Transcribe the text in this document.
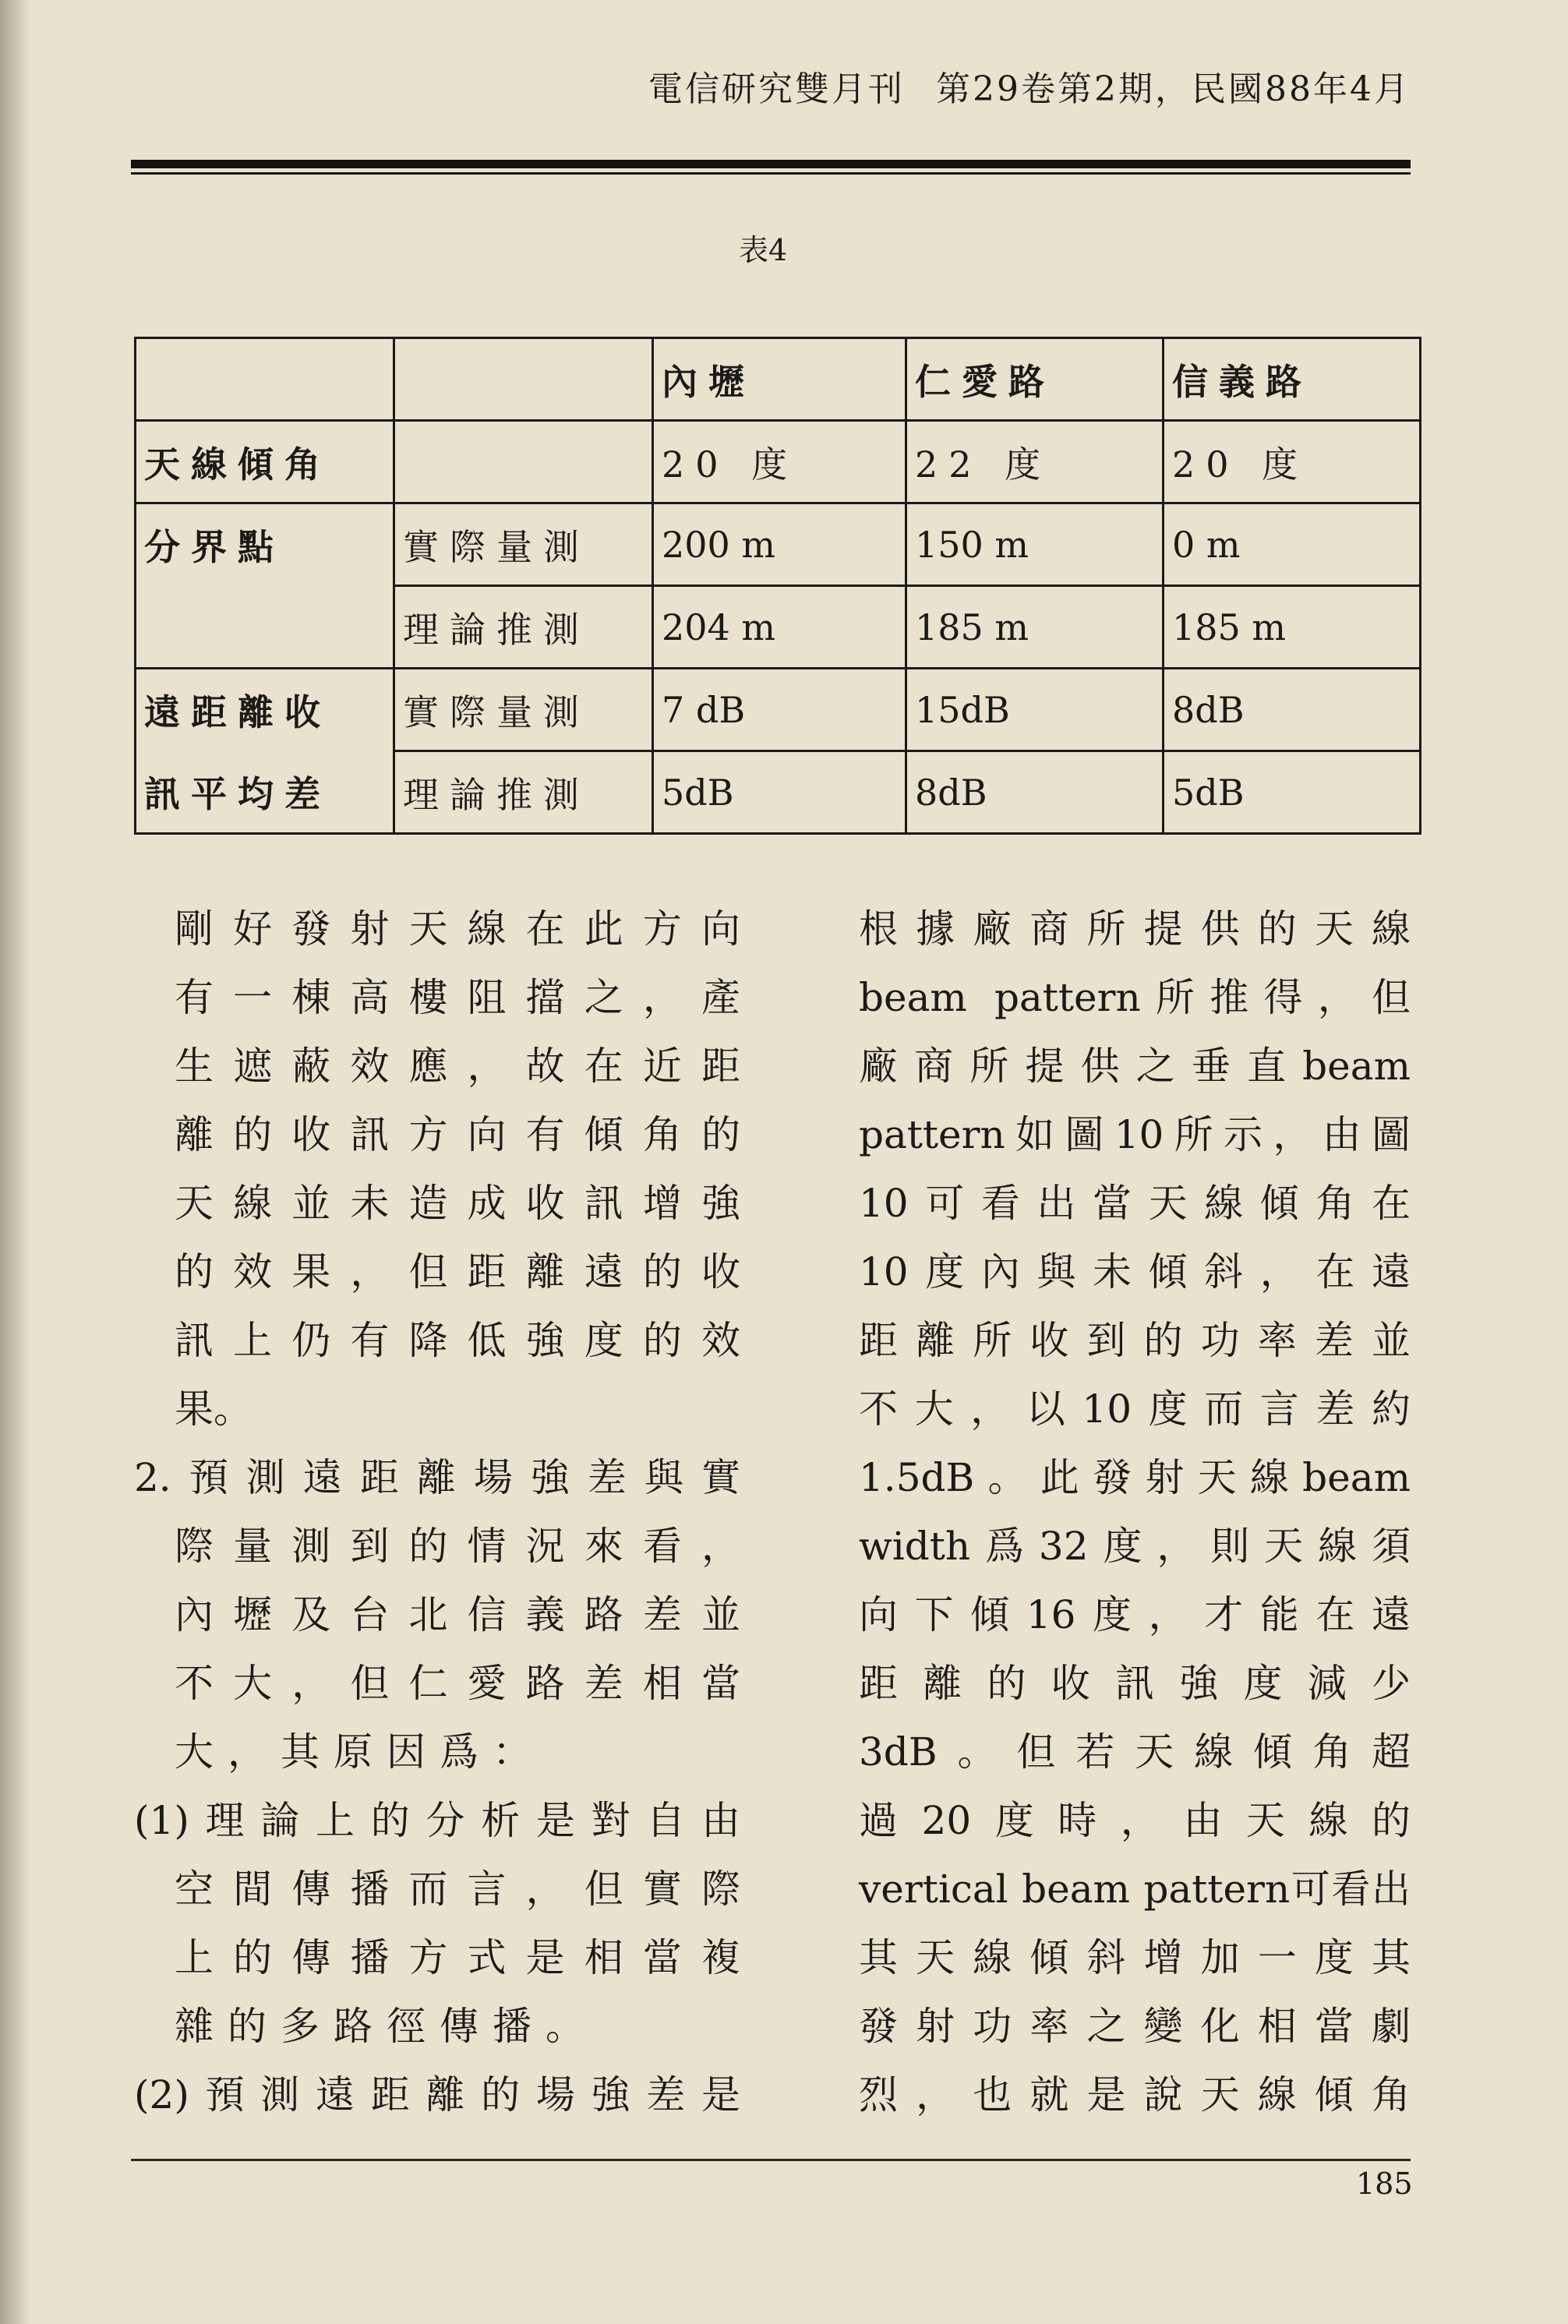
電信研究雙月刊 第29卷第2期，民國88年4月
表4
		內壢	仁愛路	信義路
天線傾角		20 度	22 度	20 度
分界點	實際量測	200 m	150 m	0 m
	理論推測	204 m	185 m	185 m
遠距離收	實際量測	7 dB	15dB	8dB
訊平均差	理論推測	5dB	8dB	5dB
剛好發射天線在此方向
有一棟高樓阻擋之，產
生遮蔽效應，故在近距
離的收訊方向有傾角的
天線並未造成收訊增強
的效果，但距離遠的收
訊上仍有降低強度的效
果。
2.預測遠距離場強差與實
際量測到的情況來看，
內壢及台北信義路差並
不大，但仁愛路差相當
大，其原因爲：
(1)理論上的分析是對自由
空間傳播而言，但實際
上的傳播方式是相當複
雜的多路徑傳播。
(2)預測遠距離的場強差是
根據廠商所提供的天線
beam pattern所推得，但
廠商所提供之垂直beam
pattern如圖10所示，由圖
10可看出當天線傾角在
10度內與未傾斜，在遠
距離所收到的功率差並
不大，以10度而言差約
1.5dB。此發射天線beam
width爲32度，則天線須
向下傾16度，才能在遠
距離的收訊強度減少
3dB。但若天線傾角超
過20度時，由天線的
vertical beam pattern可看出
其天線傾斜增加一度其
發射功率之變化相當劇
烈，也就是說天線傾角
185
